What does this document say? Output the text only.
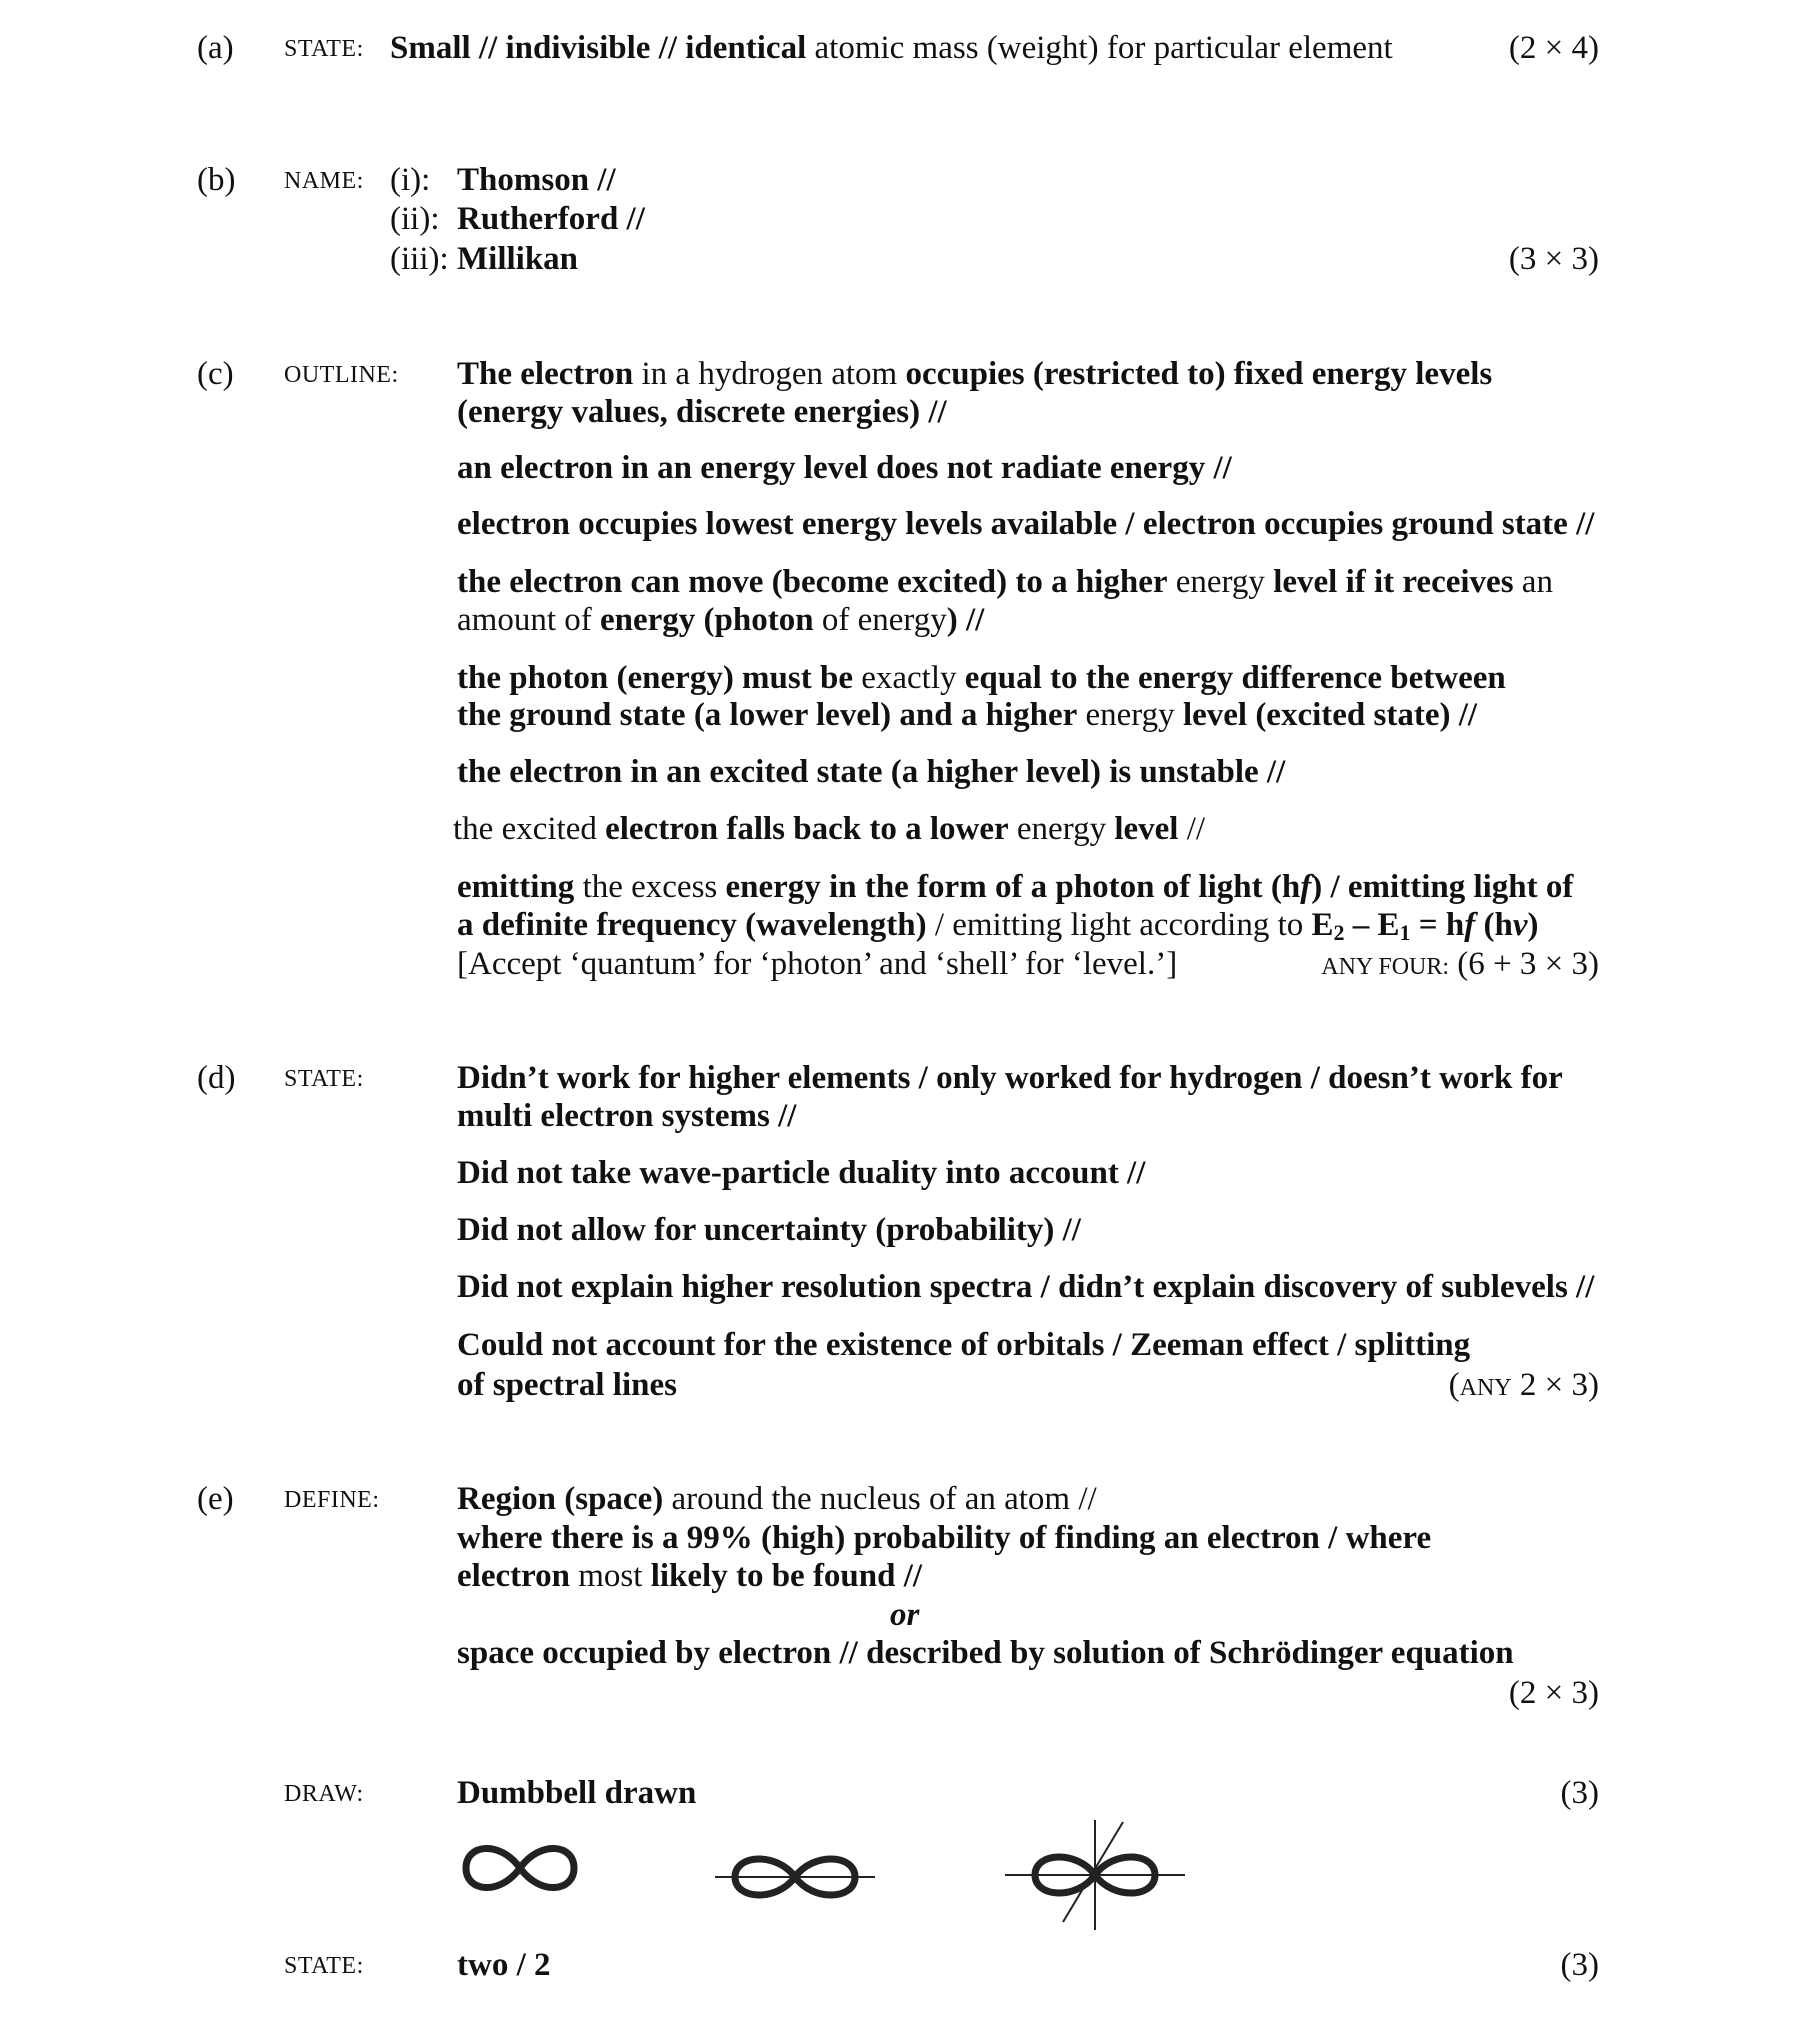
(a) STATE: Small // indivisible // identical atomic mass (weight) for particular element	(2 × 4)
(b) NAME: (i): Thomson //
(ii): Rutherford //
(iii): Millikan	(3 × 3)
(c) OUTLINE: The electron in a hydrogen atom occupies (restricted to) fixed energy levels
(energy values, discrete energies) //
an electron in an energy level does not radiate energy //
electron occupies lowest energy levels available / electron occupies ground state //
the electron can move (become excited) to a higher energy level if it receives an
amount of energy (photon of energy) //
the photon (energy) must be exactly equal to the energy difference between
the ground state (a lower level) and a higher energy level (excited state) //
the electron in an excited state (a higher level) is unstable //
the excited electron falls back to a lower energy level //
emitting the excess energy in the form of a photon of light (hf) / emitting light of
a definite frequency (wavelength) / emitting light according to $E_2 - E_1$ = hf (hv)
[Accept ‘quantum’ for ‘photon’ and ‘shell’ for ‘level.’]	ANY FOUR: (6 + 3 × 3)
(d) STATE:	Didn’t work for higher elements / only worked for hydrogen / doesn’t work for
multi electron systems //
Did not take wave-particle duality into account //
Did not allow for uncertainty (probability) //
Did not explain higher resolution spectra / didn’t explain discovery of sublevels //
Could not account for the existence of orbitals / Zeeman effect / splitting
of spectral lines	(ANY 2 × 3)
(e) DEFINE: Region (space) around the nucleus of an atom //
where there is a 99% (high) probability of finding an electron / where
electron most likely to be found //
or
space occupied by electron // described by solution of Schrödinger equation
(2 × 3)
DRAW:	Dumbbell drawn	(3)
STATE:	two / 2	(3)
